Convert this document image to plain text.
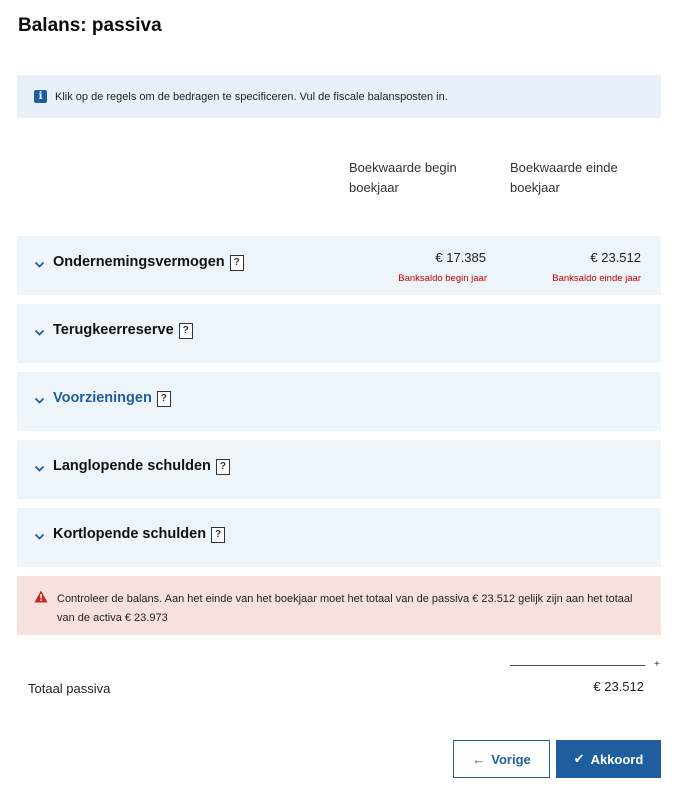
Balans: passiva
i	Klik op de regels om de bedragen te specificeren. Vul de fiscale balansposten in.
Boekwaarde begin boekjaar
Boekwaarde einde boekjaar
Ondernemingsvermogen ?	€ 17.385	€ 23.512
Banksaldo begin jaar	Banksaldo einde jaar
Terugkeerreserve ?
Voorzieningen ?
Langlopende schulden ?
Kortlopende schulden ?
Controleer de balans. Aan het einde van het boekjaar moet het totaal van de passiva € 23.512 gelijk zijn aan het totaal van de activa € 23.973
+
Totaal passiva	€ 23.512
← Vorige	✔ Akkoord
